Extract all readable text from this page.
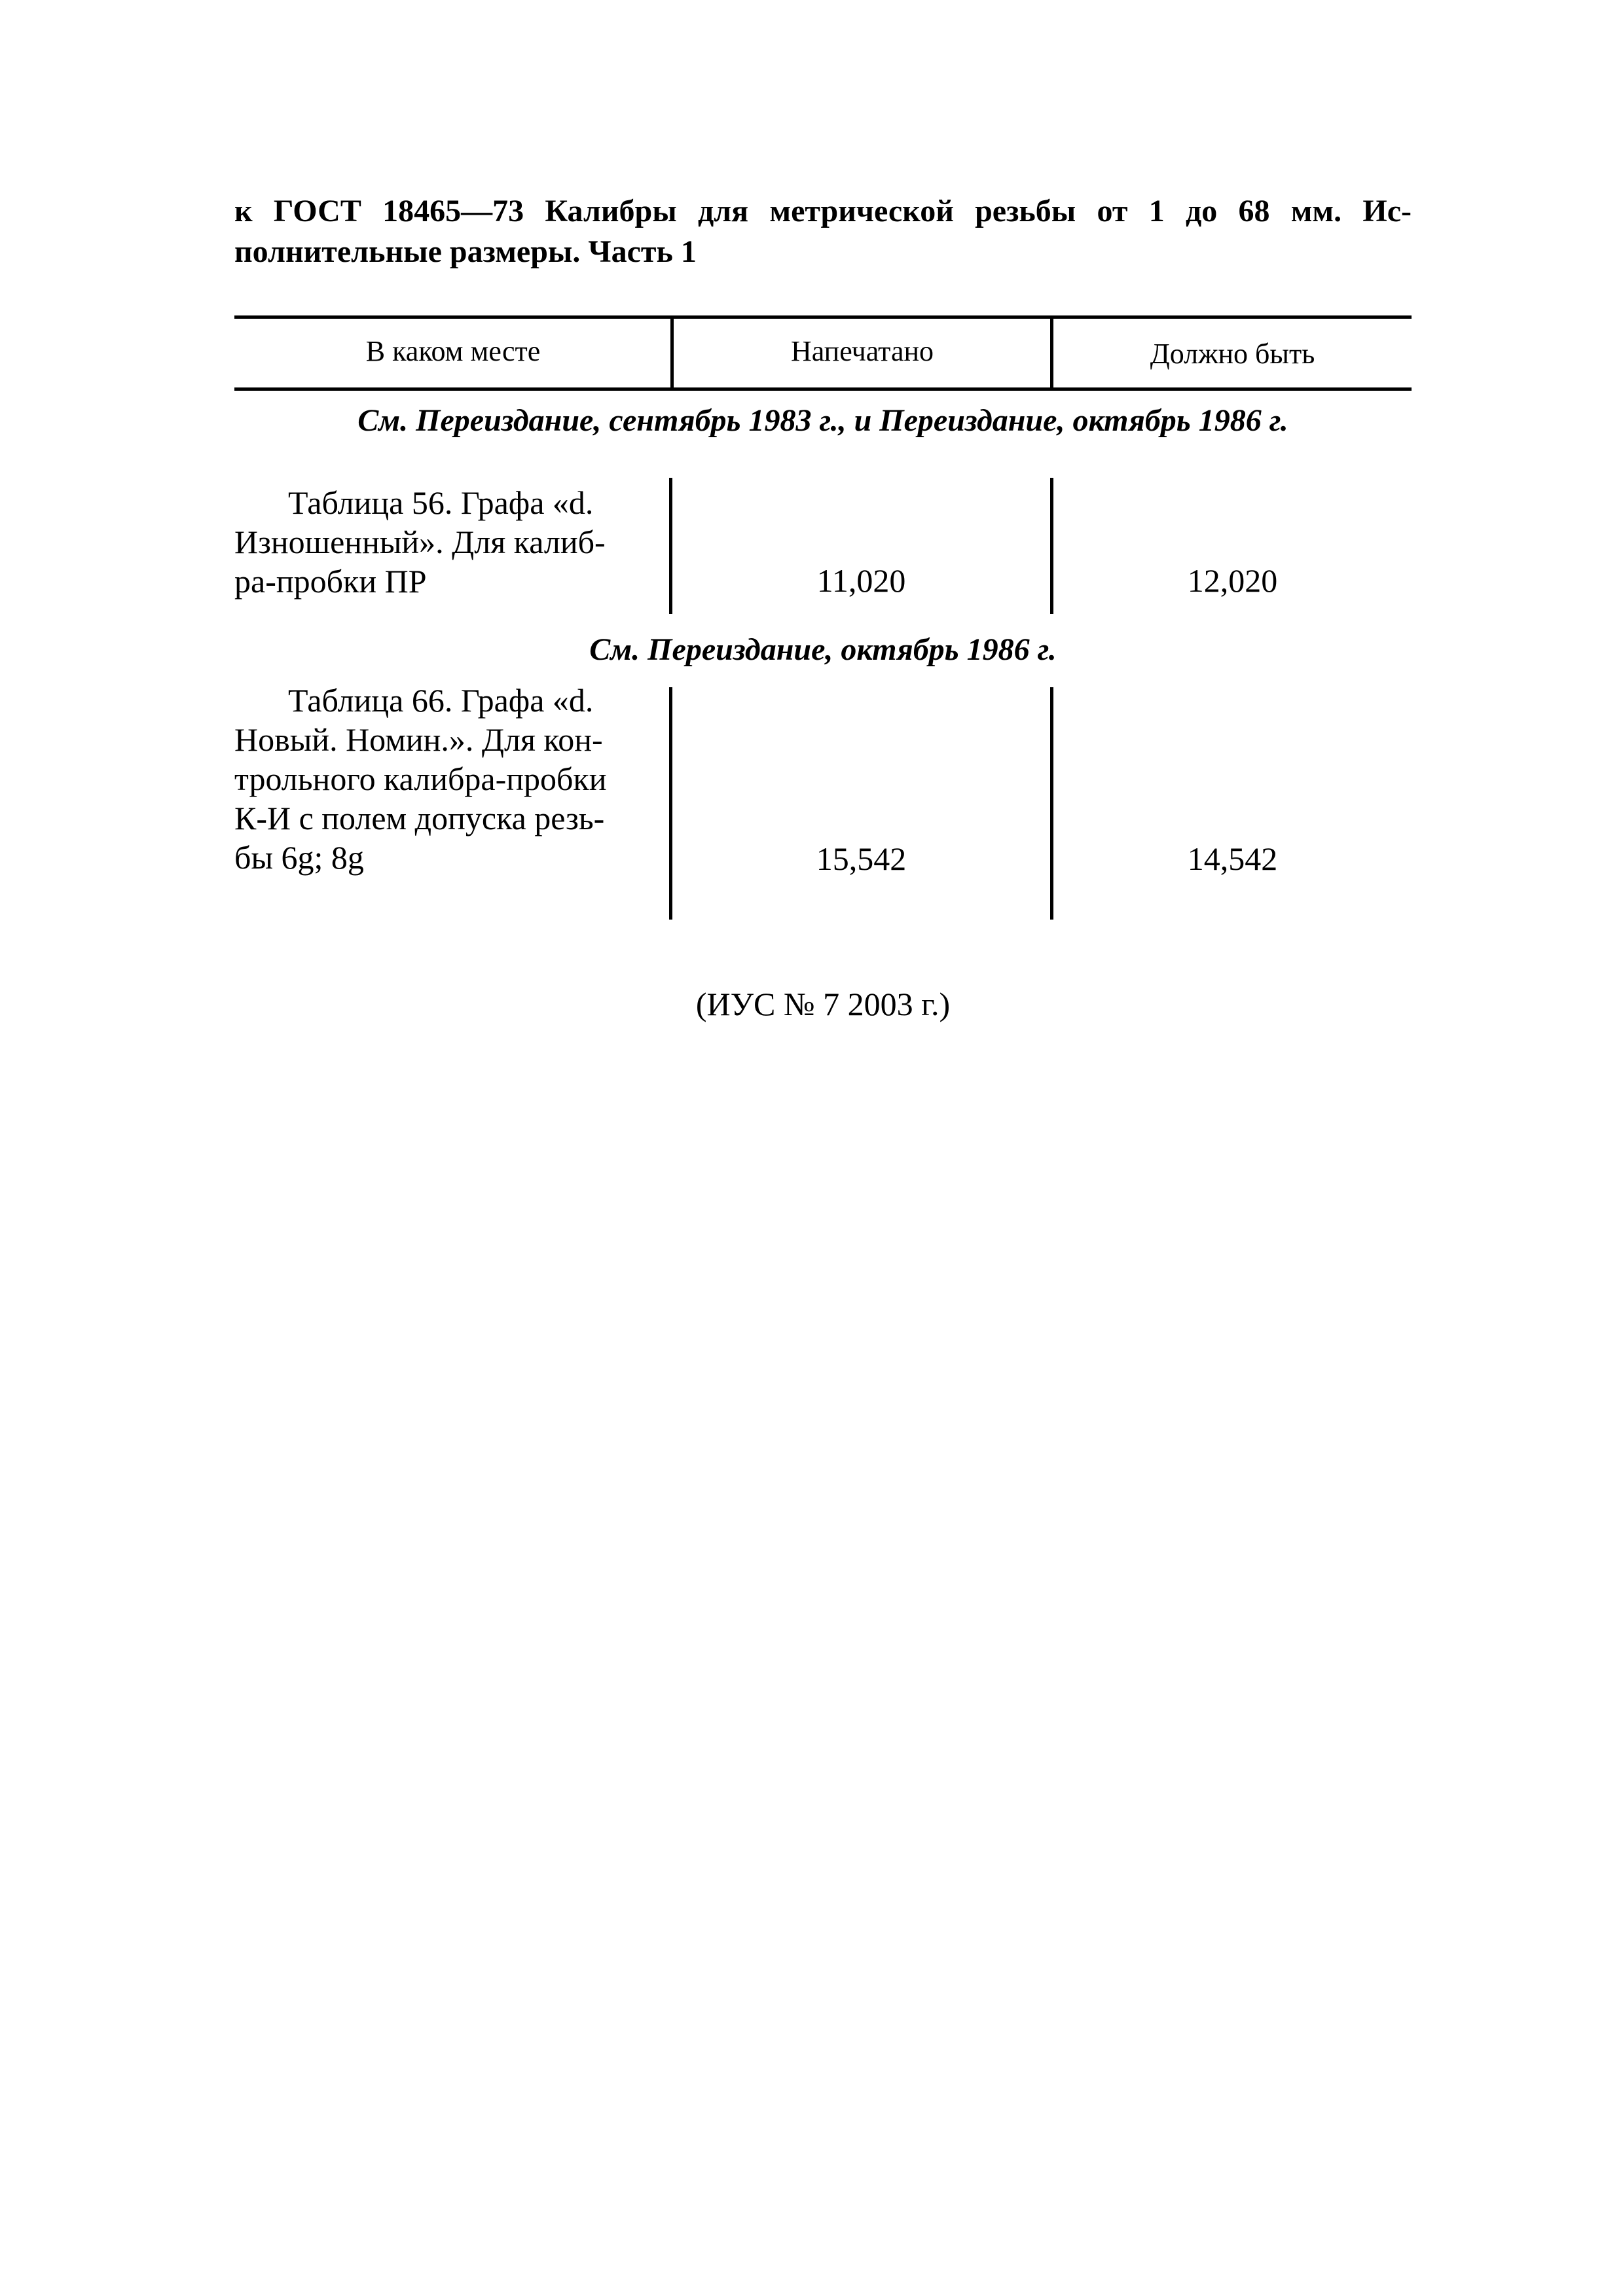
к ГОСТ 18465—73 Калибры для метрической резьбы от 1 до 68 мм. Ис-
полнительные размеры. Часть 1
В каком месте	Напечатано	Должно быть
См. Переиздание, сентябрь 1983 г., и Переиздание, октябрь 1986 г.
Таблица 56. Графа «d.
Изношенный». Для калиб-
ра-пробки ПР	11,020	12,020
См. Переиздание, октябрь 1986 г.
Таблица 66. Графа «d.
Новый. Номин.». Для кон-
трольного калибра-пробки
К-И с полем допуска резь-
бы 6g; 8g	15,542	14,542
(ИУС № 7 2003 г.)
